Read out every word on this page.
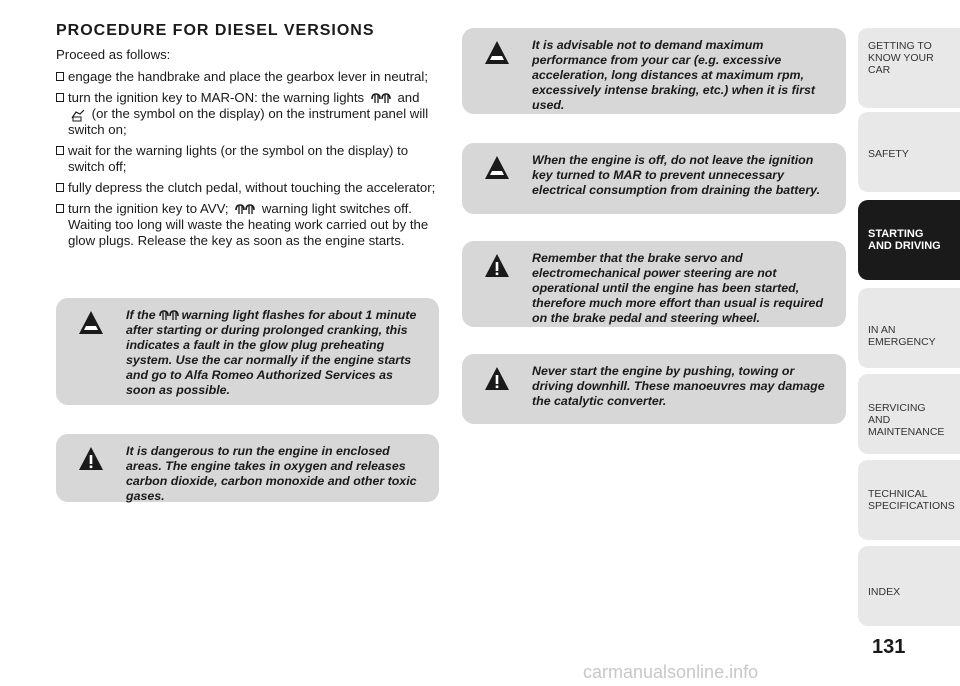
PROCEDURE FOR DIESEL VERSIONS

Proceed as follows:

engage the handbrake and place the gearbox lever in neutral;
turn the ignition key to MAR-ON: the warning lights	and
(or the symbol on the display) on the instrument panel will switch on;
wait for the warning lights (or the symbol on the display) to switch off;
fully depress the clutch pedal, without touching the accelerator;
turn the ignition key to AVV;	warning light switches off. Waiting too long will waste the heating work carried out by the glow plugs. Release the key as soon as the engine starts.
If the warning light flashes for about 1 minute after starting or during prolonged cranking, this indicates a fault in the glow plug preheating system. Use the car normally if the engine starts and go to Alfa Romeo Authorized Services as soon as possible.
It is dangerous to run the engine in enclosed areas. The engine takes in oxygen and releases carbon dioxide, carbon monoxide and other toxic gases.
It is advisable not to demand maximum performance from your car (e.g. excessive acceleration, long distances at maximum rpm, excessively intense braking, etc.) when it is first used.
When the engine is off, do not leave the ignition key turned to MAR to prevent unnecessary electrical consumption from draining the battery.
Remember that the brake servo and electromechanical power steering are not operational until the engine has been started, therefore much more effort than usual is required on the brake pedal and steering wheel.
Never start the engine by pushing, towing or driving downhill. These manoeuvres may damage the catalytic converter.
GETTING TO KNOW YOUR CAR
SAFETY
STARTING AND DRIVING
IN AN EMERGENCY
SERVICING AND MAINTENANCE
TECHNICAL SPECIFICATIONS
INDEX
131
carmanualsonline.info
